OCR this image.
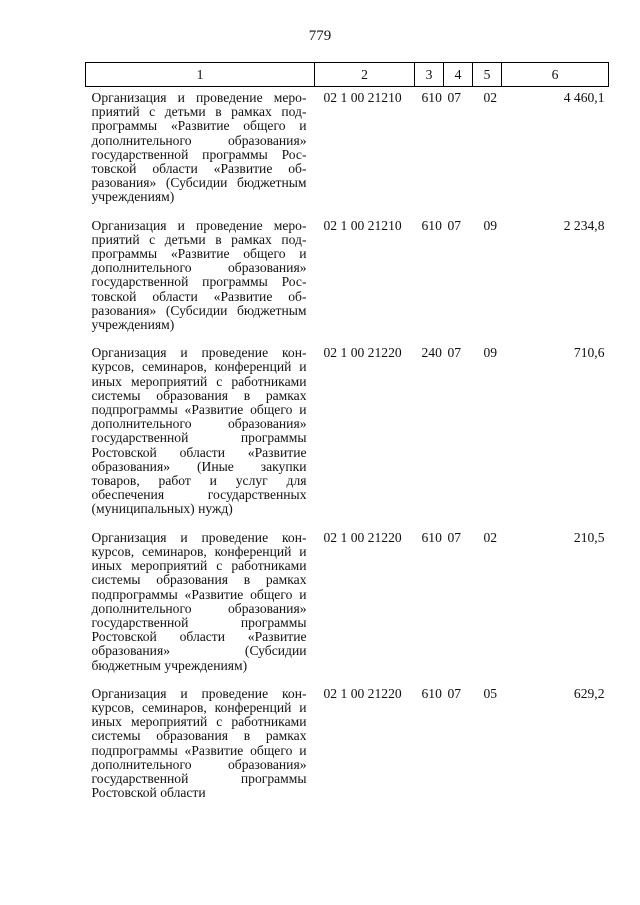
779
1	2	3	4	5	6
Организация и проведение мероприятий с детьми в рамках подпрограммы «Развитие общего и дополнительного образования» государственной программы Ростовской области «Развитие образования» (Субсидии бюджетным учреждениям)	02 1 00 21210	610	07	02	4 460,1

Организация и проведение мероприятий с детьми в рамках подпрограммы «Развитие общего и дополнительного образования» государственной программы Ростовской области «Развитие образования» (Субсидии бюджетным учреждениям)	02 1 00 21210	610	07	09	2 234,8

Организация и проведение конкурсов, семинаров, конференций и иных мероприятий с работниками системы образования в рамках подпрограммы «Развитие общего и дополнительного образования» государственной программы Ростовской области «Развитие образования» (Иные закупки товаров, работ и услуг для обеспечения государственных (муниципальных) нужд)	02 1 00 21220	240	07	09	710,6

Организация и проведение конкурсов, семинаров, конференций и иных мероприятий с работниками системы образования в рамках подпрограммы «Развитие общего и дополнительного образования» государственной программы Ростовской области «Развитие образования» (Субсидии бюджетным учреждениям)	02 1 00 21220	610	07	02	210,5

Организация и проведение конкурсов, семинаров, конференций и иных мероприятий с работниками системы образования в рамках подпрограммы «Развитие общего и дополнительного образования» государственной программы Ростовской области	02 1 00 21220	610	07	05	629,2
